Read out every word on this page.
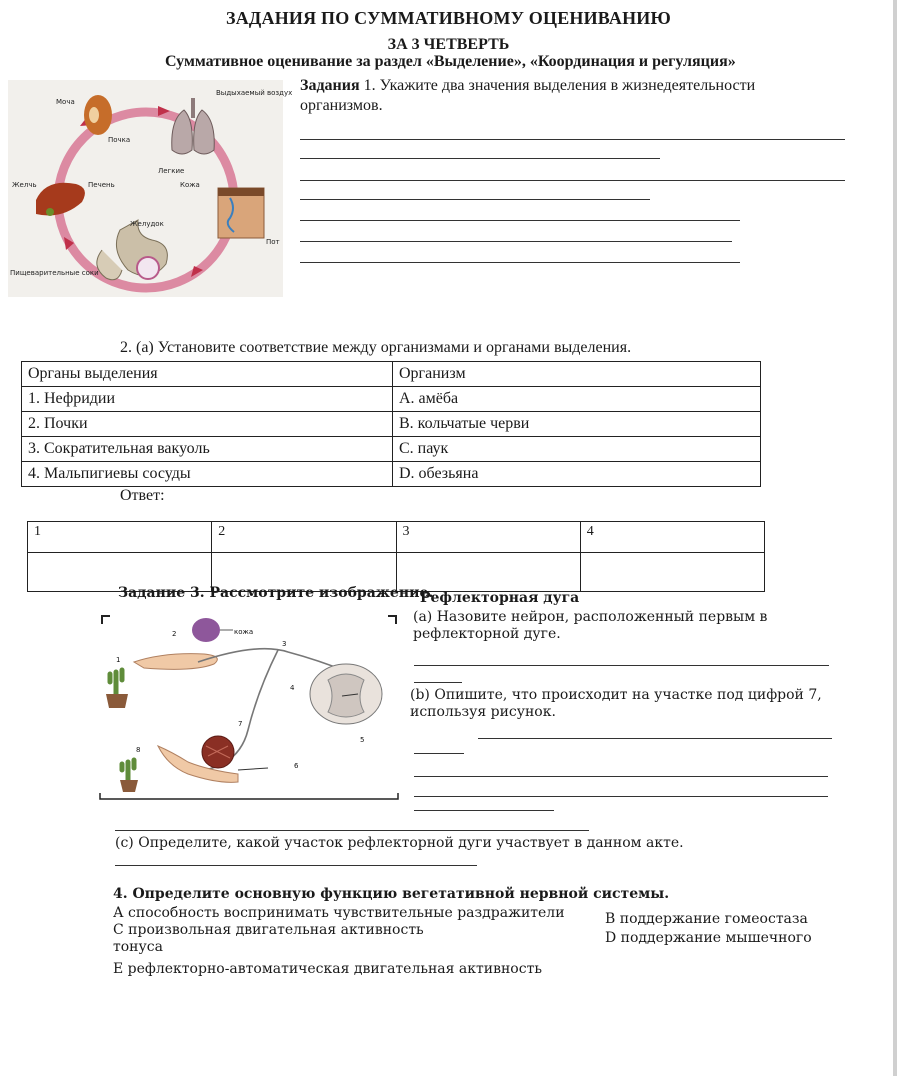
ЗАДАНИЯ ПО СУММАТИВНОМУ ОЦЕНИВАНИЮ
ЗА 3 ЧЕТВЕРТЬ
Суммативное оценивание за раздел «Выделение», «Координация и регуляция»
Моча
Почка
Выдыхаемый воздух
Легкие
Желчь	Печень	Кожа
Желудок
Пот
Пищеварительные соки
Задания 1. Укажите два значения выделения в жизнедеятельности организмов.
2. (а) Установите соответствие между организмами и органами выделения.
Органы выделения	Организм
1. Нефридии	А. амёба
2. Почки	B. кольчатые черви
3. Сократительная вакуоль	C. паук
4. Мальпигиевы сосуды	D. обезьяна
Ответ:
1	2	3	4

Задание 3. Рассмотрите изображение.
Рефлекторная дуга
1
2	кожа
3
4
5
6
7
8
(а) Назовите нейрон, расположенный первым в рефлекторной дуге.
(b) Опишите, что происходит на участке под цифрой 7, используя рисунок.
(c) Определите, какой участок рефлекторной дуги участвует в данном акте.
4. Определите основную функцию вегетативной нервной системы.
А способность воспринимать чувствительные раздражители	В поддержание гомеостаза
С произвольная двигательная активность	D поддержание мышечного
тонуса
Е рефлекторно-автоматическая двигательная активность
